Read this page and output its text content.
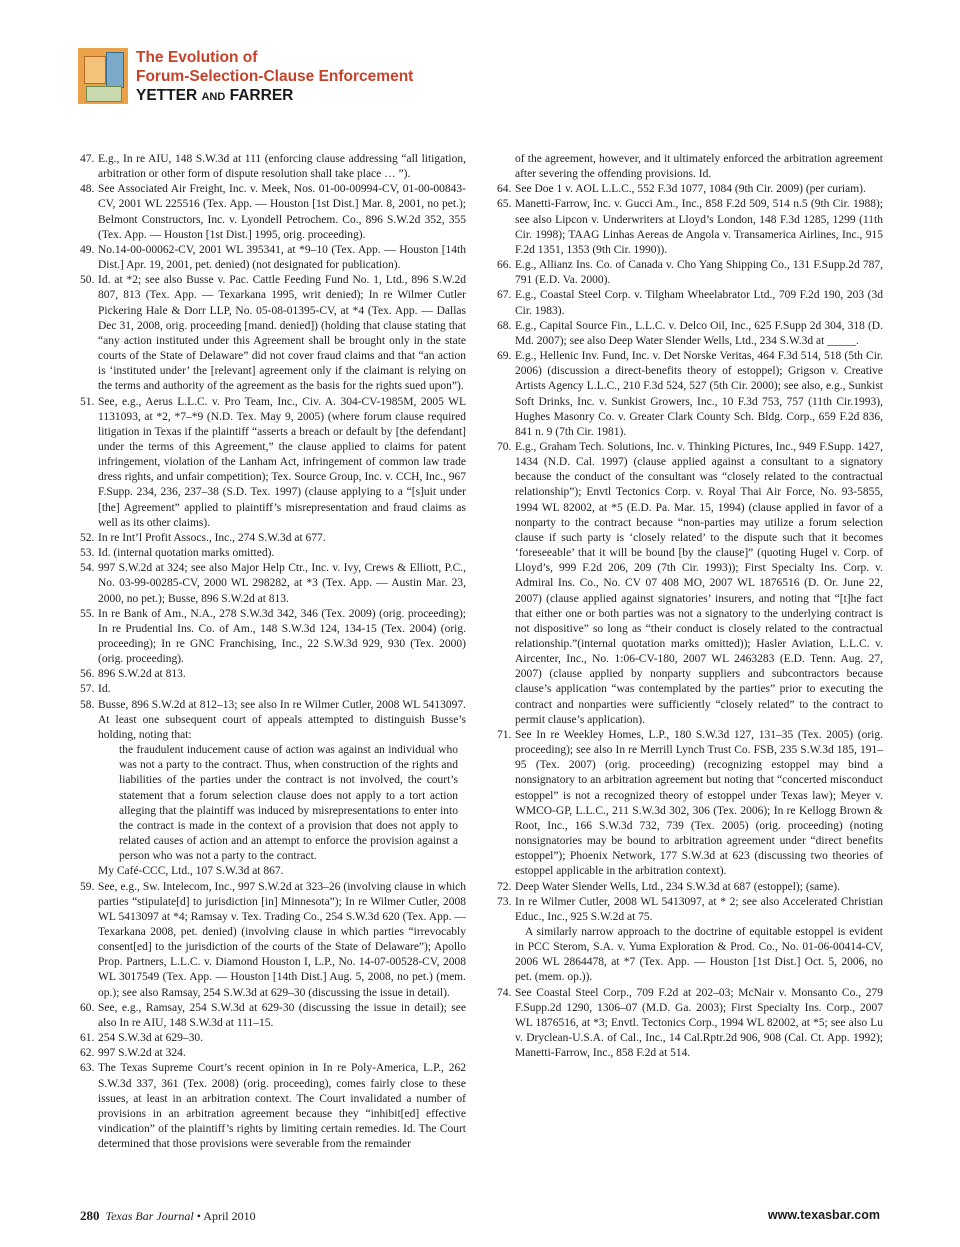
The Evolution of
Forum-Selection-Clause Enforcement
YETTER AND FARRER
47. E.g., In re AIU, 148 S.W.3d at 111 (enforcing clause addressing “all litigation, arbitration or other form of dispute resolution shall take place … ”).
48. See Associated Air Freight, Inc. v. Meek, Nos. 01-00-00994-CV, 01-00-00843-CV, 2001 WL 225516 (Tex. App. — Houston [1st Dist.] Mar. 8, 2001, no pet.); Belmont Constructors, Inc. v. Lyondell Petrochem. Co., 896 S.W.2d 352, 355 (Tex. App. — Houston [1st Dist.] 1995, orig. proceeding).
49. No.14-00-00062-CV, 2001 WL 395341, at *9–10 (Tex. App. — Houston [14th Dist.] Apr. 19, 2001, pet. denied) (not designated for publication).
50. Id. at *2; see also Busse v. Pac. Cattle Feeding Fund No. 1, Ltd., 896 S.W.2d 807, 813 (Tex. App. — Texarkana 1995, writ denied); In re Wilmer Cutler Pickering Hale & Dorr LLP, No. 05-08-01395-CV, at *4 (Tex. App. — Dallas Dec 31, 2008, orig. proceeding [mand. denied]) (holding that clause stating that “any action instituted under this Agreement shall be brought only in the state courts of the State of Delaware” did not cover fraud claims and that “an action is ‘instituted under’ the [relevant] agreement only if the claimant is relying on the terms and authority of the agreement as the basis for the rights sued upon”).
51. See, e.g., Aerus L.L.C. v. Pro Team, Inc., Civ. A. 304-CV-1985M, 2005 WL 1131093, at *2, *7–*9 (N.D. Tex. May 9, 2005) (where forum clause required litigation in Texas if the plaintiff “asserts a breach or default by [the defendant] under the terms of this Agreement,” the clause applied to claims for patent infringement, violation of the Lanham Act, infringement of common law trade dress rights, and unfair competition); Tex. Source Group, Inc. v. CCH, Inc., 967 F.Supp. 234, 236, 237–38 (S.D. Tex. 1997) (clause applying to a “[s]uit under [the] Agreement” applied to plaintiff’s misrepresentation and fraud claims as well as its other claims).
52. In re Int’l Profit Assocs., Inc., 274 S.W.3d at 677.
53. Id. (internal quotation marks omitted).
54. 997 S.W.2d at 324; see also Major Help Ctr., Inc. v. Ivy, Crews & Elliott, P.C., No. 03-99-00285-CV, 2000 WL 298282, at *3 (Tex. App. — Austin Mar. 23, 2000, no pet.); Busse, 896 S.W.2d at 813.
55. In re Bank of Am., N.A., 278 S.W.3d 342, 346 (Tex. 2009) (orig. proceeding); In re Prudential Ins. Co. of Am., 148 S.W.3d 124, 134-15 (Tex. 2004) (orig. proceeding); In re GNC Franchising, Inc., 22 S.W.3d 929, 930 (Tex. 2000) (orig. proceeding).
56. 896 S.W.2d at 813.
57. Id.
58. Busse, 896 S.W.2d at 812–13; see also In re Wilmer Cutler, 2008 WL 5413097. At least one subsequent court of appeals attempted to distinguish Busse’s holding, noting that:
the fraudulent inducement cause of action was against an individual who was not a party to the contract. Thus, when construction of the rights and liabilities of the parties under the contract is not involved, the court’s statement that a forum selection clause does not apply to a tort action alleging that the plaintiff was induced by misrepresentations to enter into the contract is made in the context of a provision that does not apply to related causes of action and an attempt to enforce the provision against a person who was not a party to the contract.
My Café-CCC, Ltd., 107 S.W.3d at 867.
59. See, e.g., Sw. Intelecom, Inc., 997 S.W.2d at 323–26 (involving clause in which parties “stipulate[d] to jurisdiction [in] Minnesota”); In re Wilmer Cutler, 2008 WL 5413097 at *4; Ramsay v. Tex. Trading Co., 254 S.W.3d 620 (Tex. App. — Texarkana 2008, pet. denied) (involving clause in which parties “irrevocably consent[ed] to the jurisdiction of the courts of the State of Delaware”); Apollo Prop. Partners, L.L.C. v. Diamond Houston I, L.P., No. 14-07-00528-CV, 2008 WL 3017549 (Tex. App. — Houston [14th Dist.] Aug. 5, 2008, no pet.) (mem. op.); see also Ramsay, 254 S.W.3d at 629–30 (discussing the issue in detail).
60. See, e.g., Ramsay, 254 S.W.3d at 629-30 (discussing the issue in detail); see also In re AIU, 148 S.W.3d at 111–15.
61. 254 S.W.3d at 629–30.
62. 997 S.W.2d at 324.
63. The Texas Supreme Court’s recent opinion in In re Poly-America, L.P., 262 S.W.3d 337, 361 (Tex. 2008) (orig. proceeding), comes fairly close to these issues, at least in an arbitration context. The Court invalidated a number of provisions in an arbitration agreement because they “inhibit[ed] effective vindication” of the plaintiff’s rights by limiting certain remedies. Id. The Court determined that those provisions were severable from the remainder
of the agreement, however, and it ultimately enforced the arbitration agreement after severing the offending provisions. Id.
64. See Doe 1 v. AOL L.L.C., 552 F.3d 1077, 1084 (9th Cir. 2009) (per curiam).
65. Manetti-Farrow, Inc. v. Gucci Am., Inc., 858 F.2d 509, 514 n.5 (9th Cir. 1988); see also Lipcon v. Underwriters at Lloyd’s London, 148 F.3d 1285, 1299 (11th Cir. 1998); TAAG Linhas Aereas de Angola v. Transamerica Airlines, Inc., 915 F.2d 1351, 1353 (9th Cir. 1990)).
66. E.g., Allianz Ins. Co. of Canada v. Cho Yang Shipping Co., 131 F.Supp.2d 787, 791 (E.D. Va. 2000).
67. E.g., Coastal Steel Corp. v. Tilgham Wheelabrator Ltd., 709 F.2d 190, 203 (3d Cir. 1983).
68. E.g., Capital Source Fin., L.L.C. v. Delco Oil, Inc., 625 F.Supp 2d 304, 318 (D. Md. 2007); see also Deep Water Slender Wells, Ltd., 234 S.W.3d at _____.
69. E.g., Hellenic Inv. Fund, Inc. v. Det Norske Veritas, 464 F.3d 514, 518 (5th Cir. 2006) (discussion a direct-benefits theory of estoppel); Grigson v. Creative Artists Agency L.L.C., 210 F.3d 524, 527 (5th Cir. 2000); see also, e.g., Sunkist Soft Drinks, Inc. v. Sunkist Growers, Inc., 10 F.3d 753, 757 (11th Cir.1993), Hughes Masonry Co. v. Greater Clark County Sch. Bldg. Corp., 659 F.2d 836, 841 n. 9 (7th Cir. 1981).
70. E.g., Graham Tech. Solutions, Inc. v. Thinking Pictures, Inc., 949 F.Supp. 1427, 1434 (N.D. Cal. 1997) (clause applied against a consultant to a signatory because the conduct of the consultant was “closely related to the contractual relationship”); Envtl Tectonics Corp. v. Royal Thai Air Force, No. 93-5855, 1994 WL 82002, at *5 (E.D. Pa. Mar. 15, 1994) (clause applied in favor of a nonparty to the contract because “non-parties may utilize a forum selection clause if such party is ‘closely related’ to the dispute such that it becomes ‘foreseeable’ that it will be bound [by the clause]” (quoting Hugel v. Corp. of Lloyd’s, 999 F.2d 206, 209 (7th Cir. 1993)); First Specialty Ins. Corp. v. Admiral Ins. Co., No. CV 07 408 MO, 2007 WL 1876516 (D. Or. June 22, 2007) (clause applied against signatories’ insurers, and noting that “[t]he fact that either one or both parties was not a signatory to the underlying contract is not dispositive” so long as “their conduct is closely related to the contractual relationship.”(internal quotation marks omitted)); Hasler Aviation, L.L.C. v. Aircenter, Inc., No. 1:06-CV-180, 2007 WL 2463283 (E.D. Tenn. Aug. 27, 2007) (clause applied by nonparty suppliers and subcontractors because clause’s application “was contemplated by the parties” prior to executing the contract and nonparties were sufficiently “closely related” to the contract to permit clause’s application).
71. See In re Weekley Homes, L.P., 180 S.W.3d 127, 131–35 (Tex. 2005) (orig. proceeding); see also In re Merrill Lynch Trust Co. FSB, 235 S.W.3d 185, 191–95 (Tex. 2007) (orig. proceeding) (recognizing estoppel may bind a nonsignatory to an arbitration agreement but noting that “concerted misconduct estoppel” is not a recognized theory of estoppel under Texas law); Meyer v. WMCO-GP, L.L.C., 211 S.W.3d 302, 306 (Tex. 2006); In re Kellogg Brown & Root, Inc., 166 S.W.3d 732, 739 (Tex. 2005) (orig. proceeding) (noting nonsignatories may be bound to arbitration agreement under “direct benefits estoppel”); Phoenix Network, 177 S.W.3d at 623 (discussing two theories of estoppel applicable in the arbitration context).
72. Deep Water Slender Wells, Ltd., 234 S.W.3d at 687 (estoppel); (same).
73. In re Wilmer Cutler, 2008 WL 5413097, at * 2; see also Accelerated Christian Educ., Inc., 925 S.W.2d at 75.
A similarly narrow approach to the doctrine of equitable estoppel is evident in PCC Sterom, S.A. v. Yuma Exploration & Prod. Co., No. 01-06-00414-CV, 2006 WL 2864478, at *7 (Tex. App. — Houston [1st Dist.] Oct. 5, 2006, no pet. (mem. op.)).
74. See Coastal Steel Corp., 709 F.2d at 202–03; McNair v. Monsanto Co., 279 F.Supp.2d 1290, 1306–07 (M.D. Ga. 2003); First Specialty Ins. Corp., 2007 WL 1876516, at *3; Envtl. Tectonics Corp., 1994 WL 82002, at *5; see also Lu v. Dryclean-U.S.A. of Cal., Inc., 14 Cal.Rptr.2d 906, 908 (Cal. Ct. App. 1992); Manetti-Farrow, Inc., 858 F.2d at 514.
280 Texas Bar Journal • April 2010	www.texasbar.com
